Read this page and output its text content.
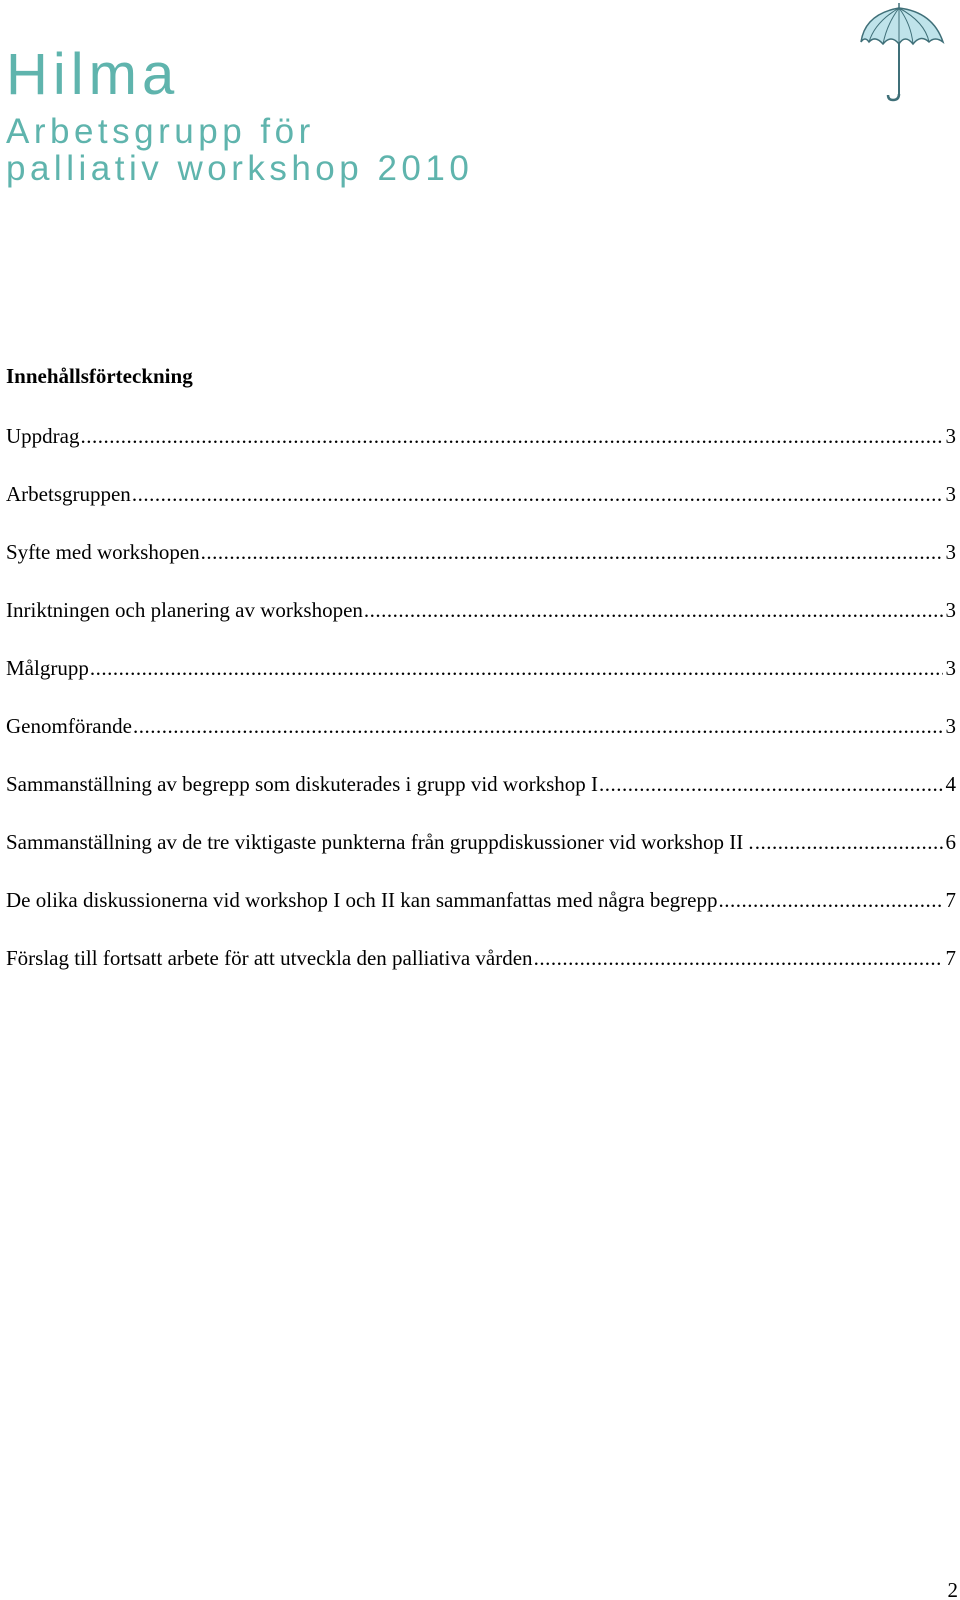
Hilma
Arbetsgrupp för
palliativ workshop 2010
Innehållsförteckning
Uppdrag .....	3
Arbetsgruppen .....	3
Syfte med workshopen .....	3
Inriktningen och planering av workshopen .....	3
Målgrupp .....	3
Genomförande .....	3
Sammanställning av begrepp som diskuterades i grupp vid workshop I .....	4
Sammanställning av de tre viktigaste punkterna från gruppdiskussioner vid workshop II . .....	6
De olika diskussionerna vid workshop I och II kan sammanfattas med några begrepp .....	7
Förslag till fortsatt arbete för att utveckla den palliativa vården .....	7
2
